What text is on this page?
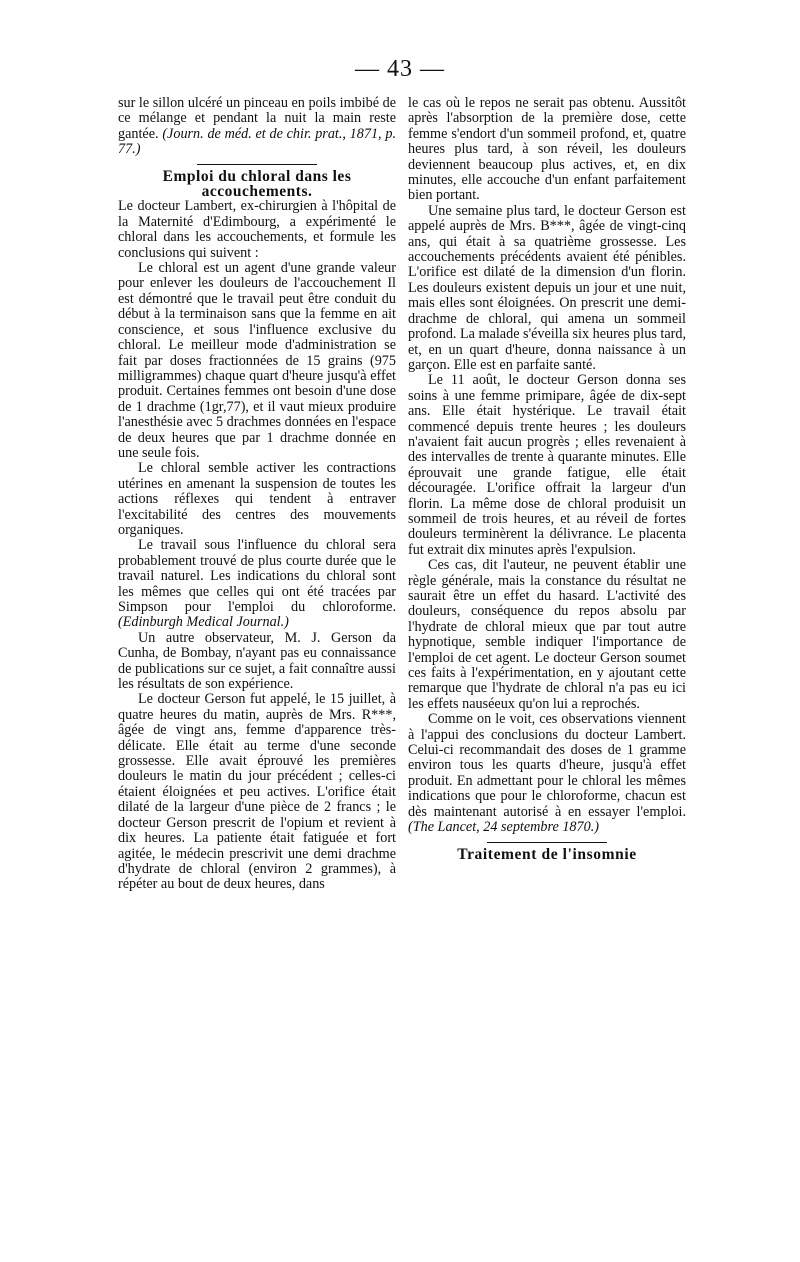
— 43 —

sur le sillon ulcéré un pinceau en poils imbibé de ce mélange et pendant la nuit la main reste gantée. (Journ. de méd. et de chir. prat., 1871, p. 77.)

Emploi du chloral dans les accouchements.
Le docteur Lambert, ex-chirurgien à l'hôpital de la Maternité d'Edimbourg, a expérimenté le chloral dans les accouchements, et formule les conclusions qui suivent :

Le chloral est un agent d'une grande valeur pour enlever les douleurs de l'accouchement Il est démontré que le travail peut être conduit du début à la terminaison sans que la femme en ait conscience, et sous l'influence exclusive du chloral. Le meilleur mode d'administration se fait par doses fractionnées de 15 grains (975 milligrammes) chaque quart d'heure jusqu'à effet produit. Certaines femmes ont besoin d'une dose de 1 drachme (1gr,77), et il vaut mieux produire l'anesthésie avec 5 drachmes données en l'espace de deux heures que par 1 drachme donnée en une seule fois.

Le chloral semble activer les contractions utérines en amenant la suspension de toutes les actions réflexes qui tendent à entraver l'excitabilité des centres des mouvements organiques.

Le travail sous l'influence du chloral sera probablement trouvé de plus courte durée que le travail naturel. Les indications du chloral sont les mêmes que celles qui ont été tracées par Simpson pour l'emploi du chloroforme. (Edinburgh Medical Journal.)

Un autre observateur, M. J. Gerson da Cunha, de Bombay, n'ayant pas eu connaissance de publications sur ce sujet, a fait connaître aussi les résultats de son expérience.

Le docteur Gerson fut appelé, le 15 juillet, à quatre heures du matin, auprès de Mrs. R***, âgée de vingt ans, femme d'apparence très-délicate. Elle était au terme d'une seconde grossesse. Elle avait éprouvé les premières douleurs le matin du jour précédent ; celles-ci étaient éloignées et peu actives. L'orifice était dilaté de la largeur d'une pièce de 2 francs ; le docteur Gerson prescrit de l'opium et revient à dix heures. La patiente était fatiguée et fort agitée, le médecin prescrivit une demi drachme d'hydrate de chloral (environ 2 grammes), à répéter au bout de deux heures, dans

le cas où le repos ne serait pas obtenu. Aussitôt après l'absorption de la première dose, cette femme s'endort d'un sommeil profond, et, quatre heures plus tard, à son réveil, les douleurs deviennent beaucoup plus actives, et, en dix minutes, elle accouche d'un enfant parfaitement bien portant.

Une semaine plus tard, le docteur Gerson est appelé auprès de Mrs. B***, âgée de vingt-cinq ans, qui était à sa quatrième grossesse. Les accouchements précédents avaient été pénibles. L'orifice est dilaté de la dimension d'un florin. Les douleurs existent depuis un jour et une nuit, mais elles sont éloignées. On prescrit une demi-drachme de chloral, qui amena un sommeil profond. La malade s'éveilla six heures plus tard, et, en un quart d'heure, donna naissance à un garçon. Elle est en parfaite santé.

Le 11 août, le docteur Gerson donna ses soins à une femme primipare, âgée de dix-sept ans. Elle était hystérique. Le travail était commencé depuis trente heures ; les douleurs n'avaient fait aucun progrès ; elles revenaient à des intervalles de trente à quarante minutes. Elle éprouvait une grande fatigue, elle était découragée. L'orifice offrait la largeur d'un florin. La même dose de chloral produisit un sommeil de trois heures, et au réveil de fortes douleurs terminèrent la délivrance. Le placenta fut extrait dix minutes après l'expulsion.

Ces cas, dit l'auteur, ne peuvent établir une règle générale, mais la constance du résultat ne saurait être un effet du hasard. L'activité des douleurs, conséquence du repos absolu par l'hydrate de chloral mieux que par tout autre hypnotique, semble indiquer l'importance de l'emploi de cet agent. Le docteur Gerson soumet ces faits à l'expérimentation, en y ajoutant cette remarque que l'hydrate de chloral n'a pas eu ici les effets nauséeux qu'on lui a reprochés.

Comme on le voit, ces observations viennent à l'appui des conclusions du docteur Lambert. Celui-ci recommandait des doses de 1 gramme environ tous les quarts d'heure, jusqu'à effet produit. En admettant pour le chloral les mêmes indications que pour le chloroforme, chacun est dès maintenant autorisé à en essayer l'emploi. (The Lancet, 24 septembre 1870.)

Traitement de l'insomnie
